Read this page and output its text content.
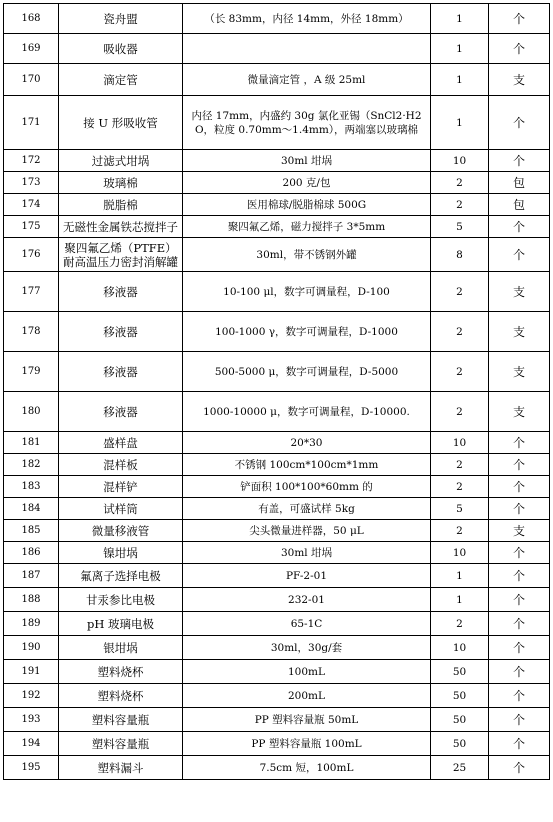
168	瓷舟盟	（长 83mm，内径 14mm，外径 18mm）	1	个
169	吸收器		1	个
170	滴定管	微量滴定管 ，A 级 25ml	1	支
171	接 U 形吸收管	内径 17mm，内盛约 30g 氯化亚锡（SnCl2·H2O，粒度 0.70mm～1.4mm），两端塞以玻璃棉	1	个
172	过滤式坩埚	30ml 坩埚	10	个
173	玻璃棉	200 克/包	2	包
174	脱脂棉	医用棉球/脱脂棉球 500G	2	包
175	无磁性金属铁芯搅拌子	聚四氟乙烯，磁力搅拌子 3*5mm	5	个
176	聚四氟乙烯（PTFE）耐高温压力密封消解罐	30ml，带不锈钢外罐	8	个
177	移液器	10-100 μl，数字可调量程，D-100	2	支
178	移液器	100-1000 γ，数字可调量程，D-1000	2	支
179	移液器	500-5000 μ，数字可调量程，D-5000	2	支
180	移液器	1000-10000 μ，数字可调量程，D-10000.	2	支
181	盛样盘	20*30	10	个
182	混样板	不锈钢 100cm*100cm*1mm	2	个
183	混样铲	铲面积 100*100*60mm 的	2	个
184	试样筒	有盖，可盛试样 5kg	5	个
185	微量移液管	尖头微量进样器，50 μL	2	支
186	镍坩埚	30ml 坩埚	10	个
187	氟离子选择电极	PF-2-01	1	个
188	甘汞参比电极	232-01	1	个
189	pH 玻璃电极	65-1C	2	个
190	银坩埚	30ml，30g/套	10	个
191	塑料烧杯	100mL	50	个
192	塑料烧杯	200mL	50	个
193	塑料容量瓶	PP 塑料容量瓶 50mL	50	个
194	塑料容量瓶	PP 塑料容量瓶 100mL	50	个
195	塑料漏斗	7.5cm 短，100mL	25	个
